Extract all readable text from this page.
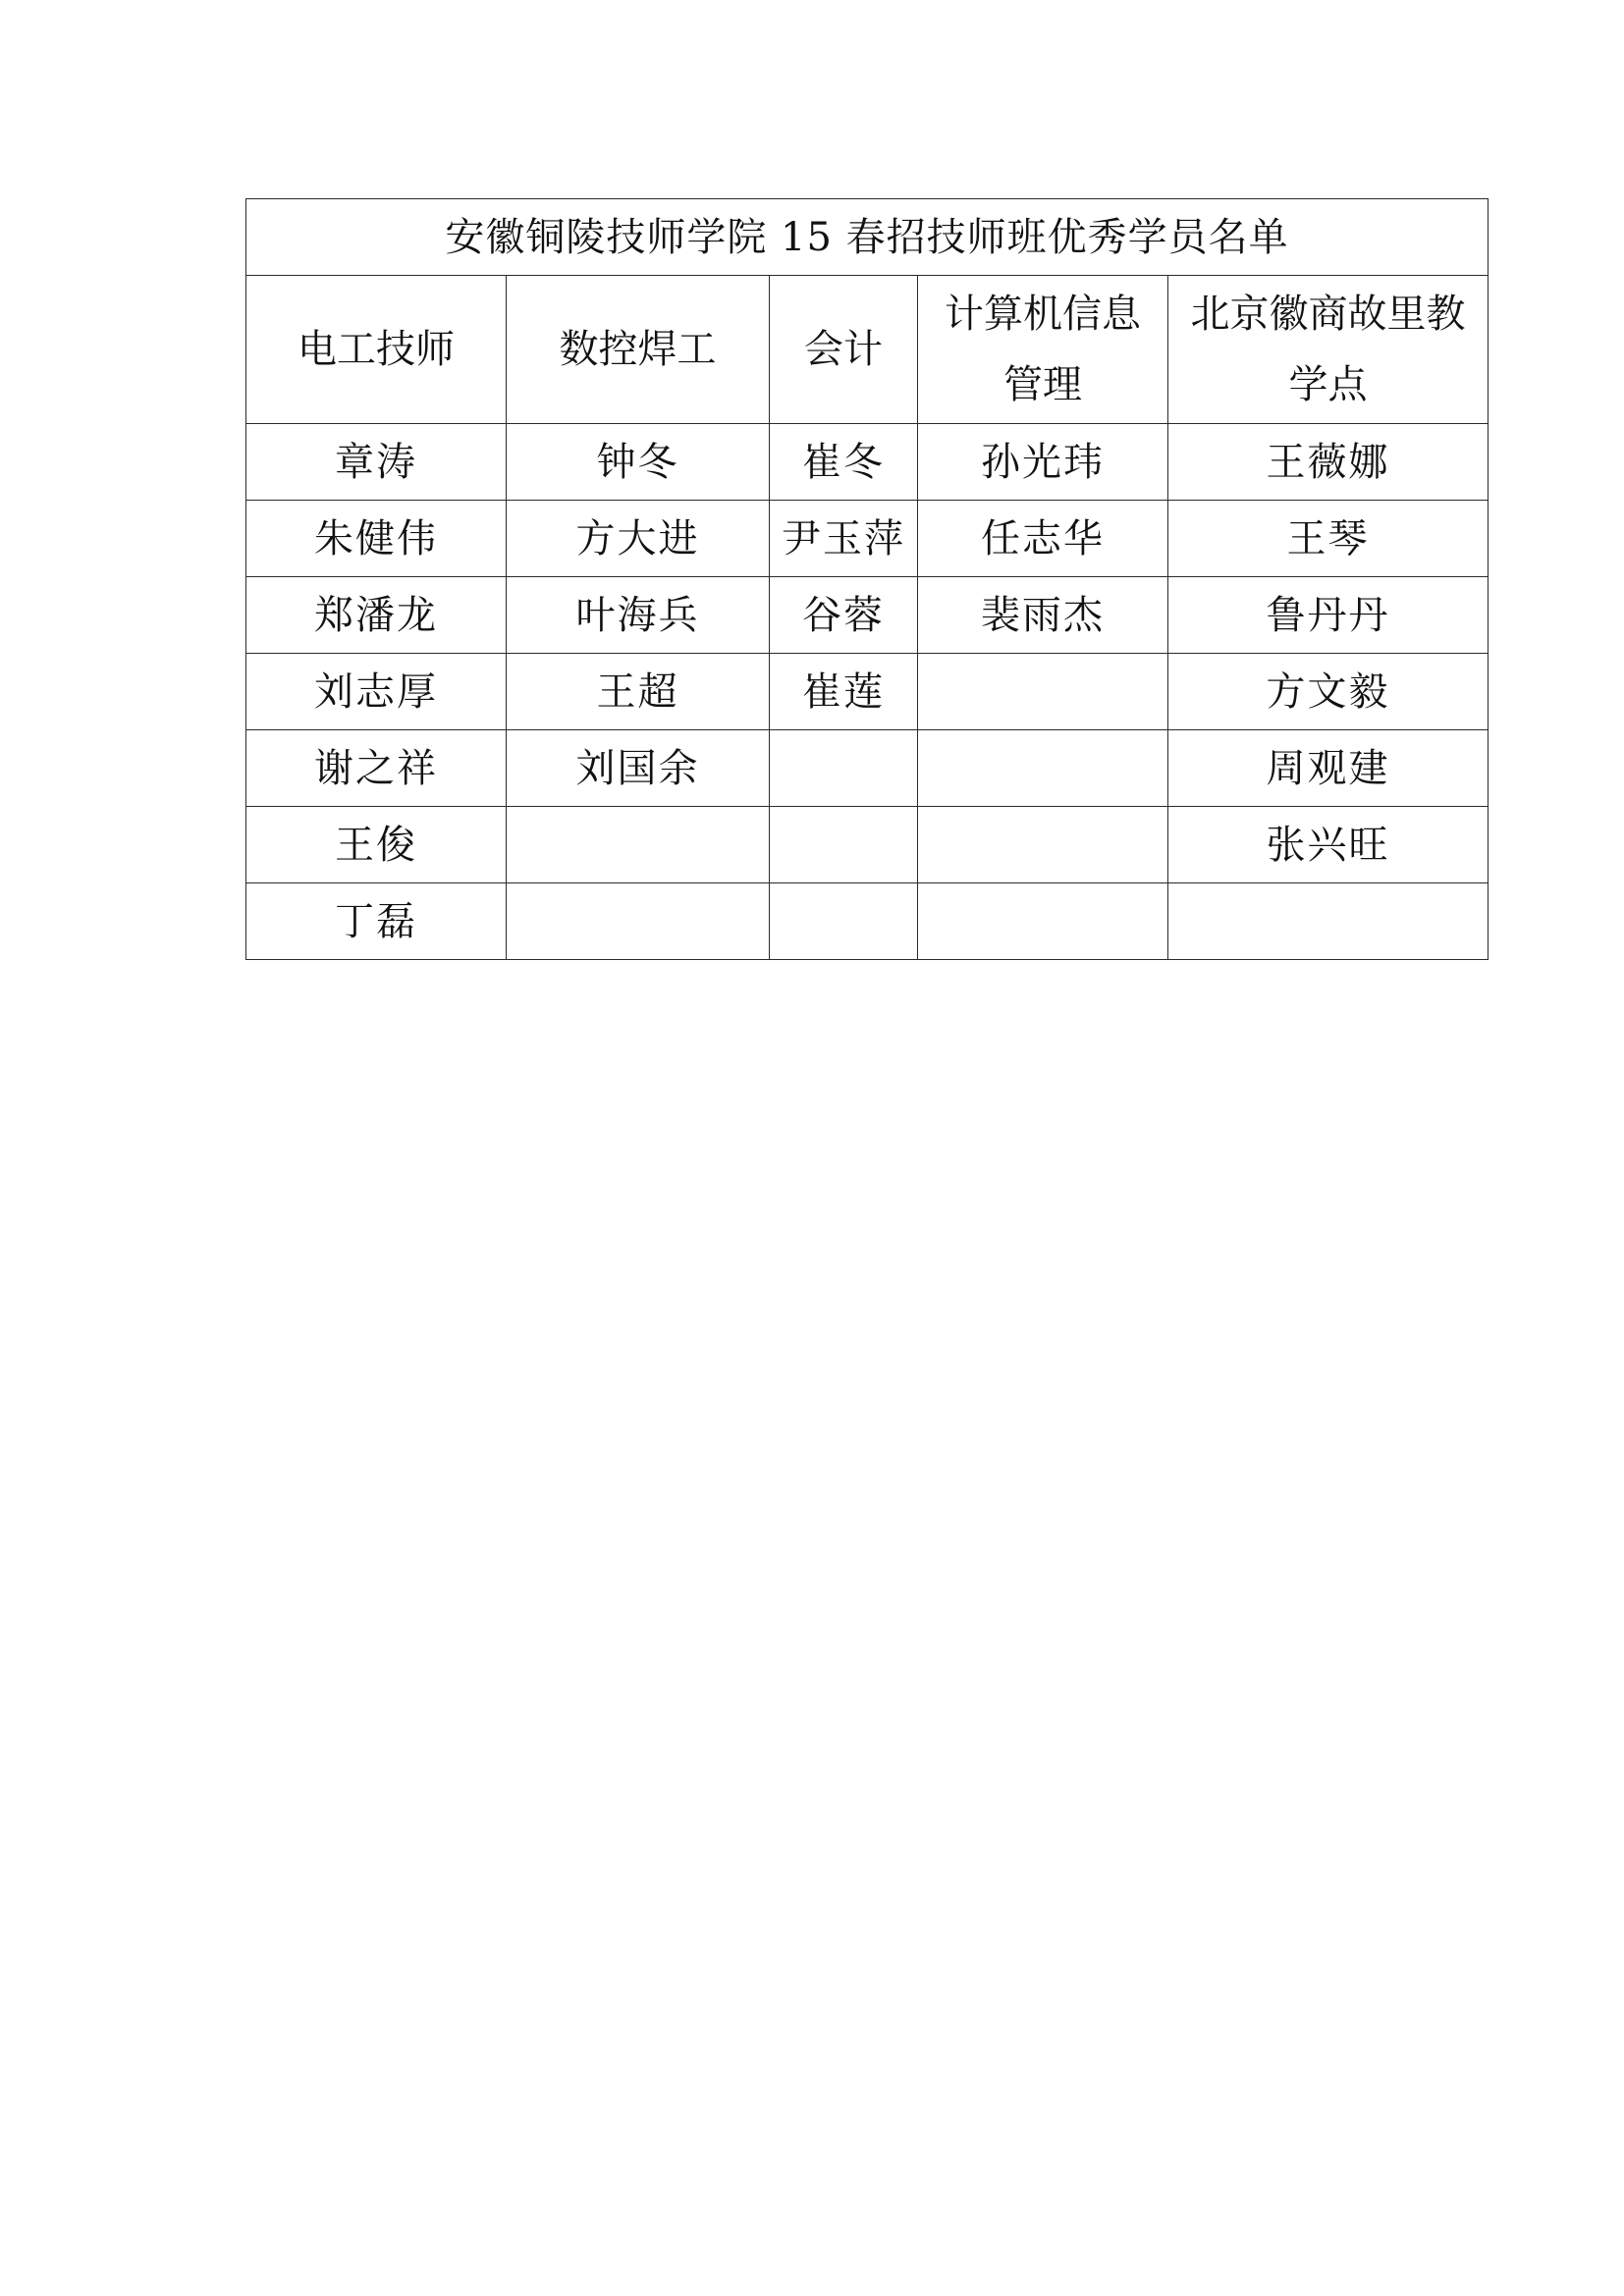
安徽铜陵技师学院 15 春招技师班优秀学员名单				

电工技师	数控焊工	会计	计算机信息管理	北京徽商故里教学点

章涛	钟冬	崔冬	孙光玮	王薇娜
朱健伟	方大进	尹玉萍	任志华	王琴
郑潘龙	叶海兵	谷蓉	裴雨杰	鲁丹丹
刘志厚	王超	崔莲		方文毅
谢之祥	刘国余			周观建
王俊				张兴旺
丁磊				
